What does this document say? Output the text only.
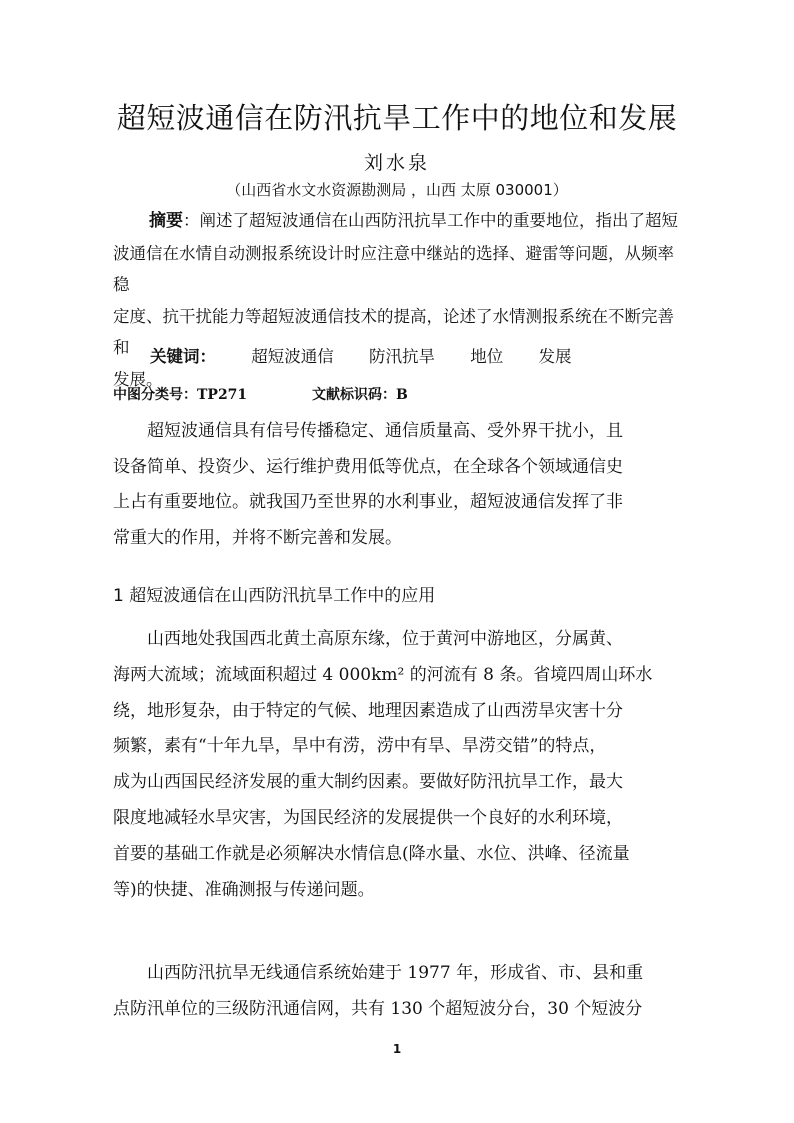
超短波通信在防汛抗旱工作中的地位和发展
刘水泉
（山西省水文水资源勘测局 ，山西 太原 030001）
摘要：阐述了超短波通信在山西防汛抗旱工作中的重要地位，指出了超短
波通信在水情自动测报系统设计时应注意中继站的选择、避雷等问题，从频率稳
定度、抗干扰能力等超短波通信技术的提高，论述了水情测报系统在不断完善和
发展。
关键词： 超短波通信 防汛抗旱 地位 发展
中图分类号：TP271	文献标识码：B
超短波通信具有信号传播稳定、通信质量高、受外界干扰小，且
设备简单、投资少、运行维护费用低等优点，在全球各个领域通信史
上占有重要地位。就我国乃至世界的水利事业，超短波通信发挥了非
常重大的作用，并将不断完善和发展。
1 超短波通信在山西防汛抗旱工作中的应用
山西地处我国西北黄土高原东缘，位于黄河中游地区，分属黄、
海两大流域；流域面积超过 4 000km² 的河流有 8 条。省境四周山环水
绕，地形复杂，由于特定的气候、地理因素造成了山西涝旱灾害十分
频繁，素有“十年九旱，旱中有涝，涝中有旱、旱涝交错”的特点，
成为山西国民经济发展的重大制约因素。要做好防汛抗旱工作，最大
限度地减轻水旱灾害，为国民经济的发展提供一个良好的水利环境，
首要的基础工作就是必须解决水情信息(降水量、水位、洪峰、径流量
等)的快捷、准确测报与传递问题。
山西防汛抗旱无线通信系统始建于 1977 年，形成省、市、县和重
点防汛单位的三级防汛通信网，共有 130 个超短波分台，30 个短波分
1
